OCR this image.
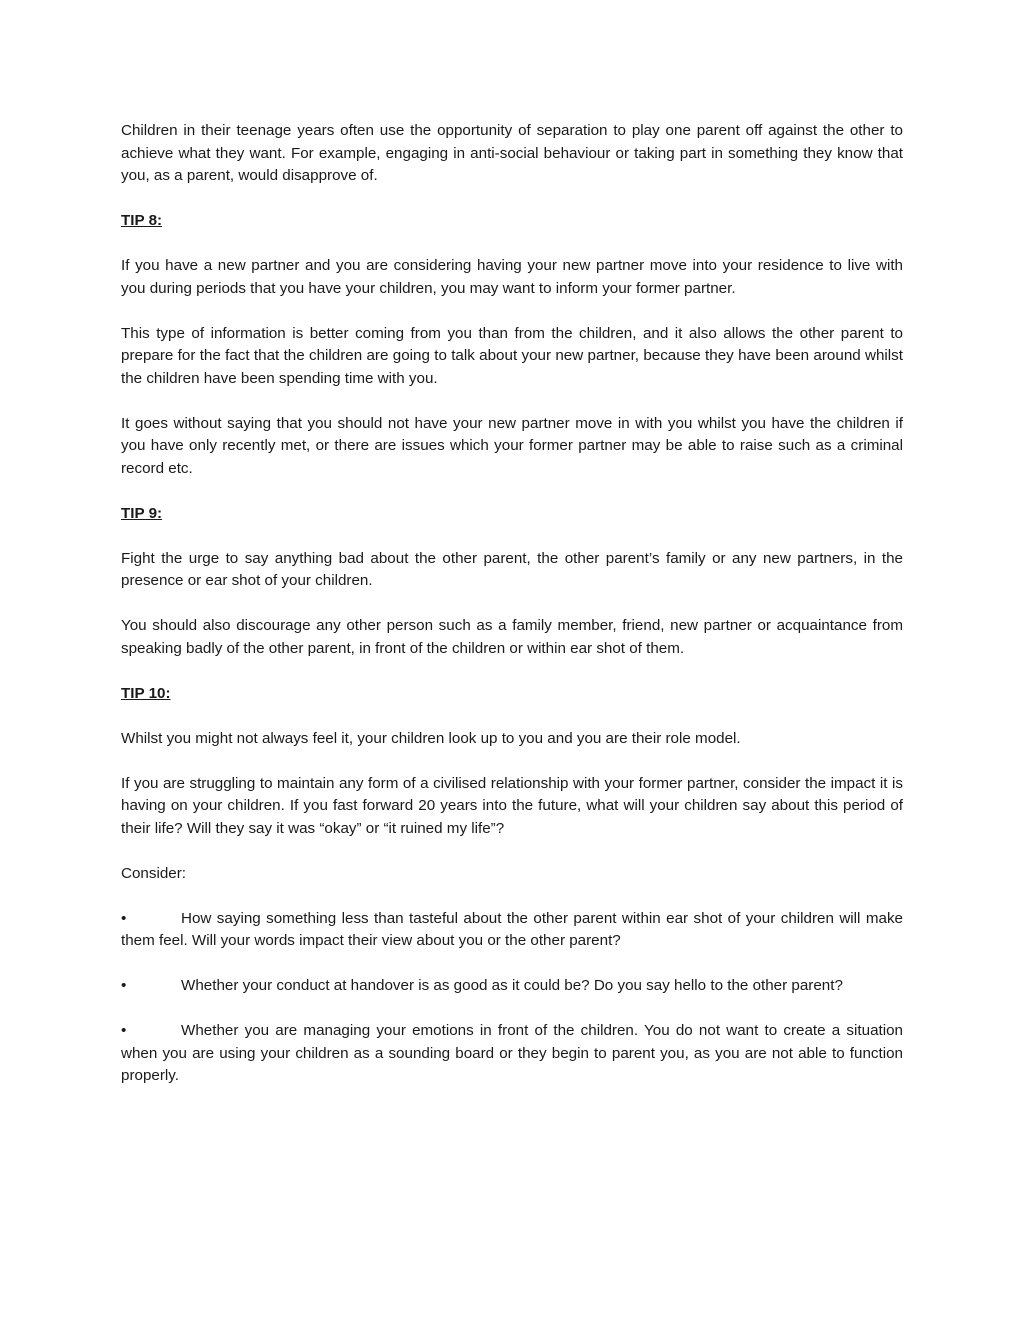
Children in their teenage years often use the opportunity of separation to play one parent off against the other to achieve what they want. For example, engaging in anti-social behaviour or taking part in something they know that you, as a parent, would disapprove of.

TIP 8:

If you have a new partner and you are considering having your new partner move into your residence to live with you during periods that you have your children, you may want to inform your former partner.

This type of information is better coming from you than from the children, and it also allows the other parent to prepare for the fact that the children are going to talk about your new partner, because they have been around whilst the children have been spending time with you.

It goes without saying that you should not have your new partner move in with you whilst you have the children if you have only recently met, or there are issues which your former partner may be able to raise such as a criminal record etc.

TIP 9:

Fight the urge to say anything bad about the other parent, the other parent’s family or any new partners, in the presence or ear shot of your children.

You should also discourage any other person such as a family member, friend, new partner or acquaintance from speaking badly of the other parent, in front of the children or within ear shot of them.

TIP 10:

Whilst you might not always feel it, your children look up to you and you are their role model.

If you are struggling to maintain any form of a civilised relationship with your former partner, consider the impact it is having on your children. If you fast forward 20 years into the future, what will your children say about this period of their life? Will they say it was “okay” or “it ruined my life”?

Consider:

•	How saying something less than tasteful about the other parent within ear shot of your children will make them feel. Will your words impact their view about you or the other parent?

•	Whether your conduct at handover is as good as it could be? Do you say hello to the other parent?

•	Whether you are managing your emotions in front of the children. You do not want to create a situation when you are using your children as a sounding board or they begin to parent you, as you are not able to function properly.
